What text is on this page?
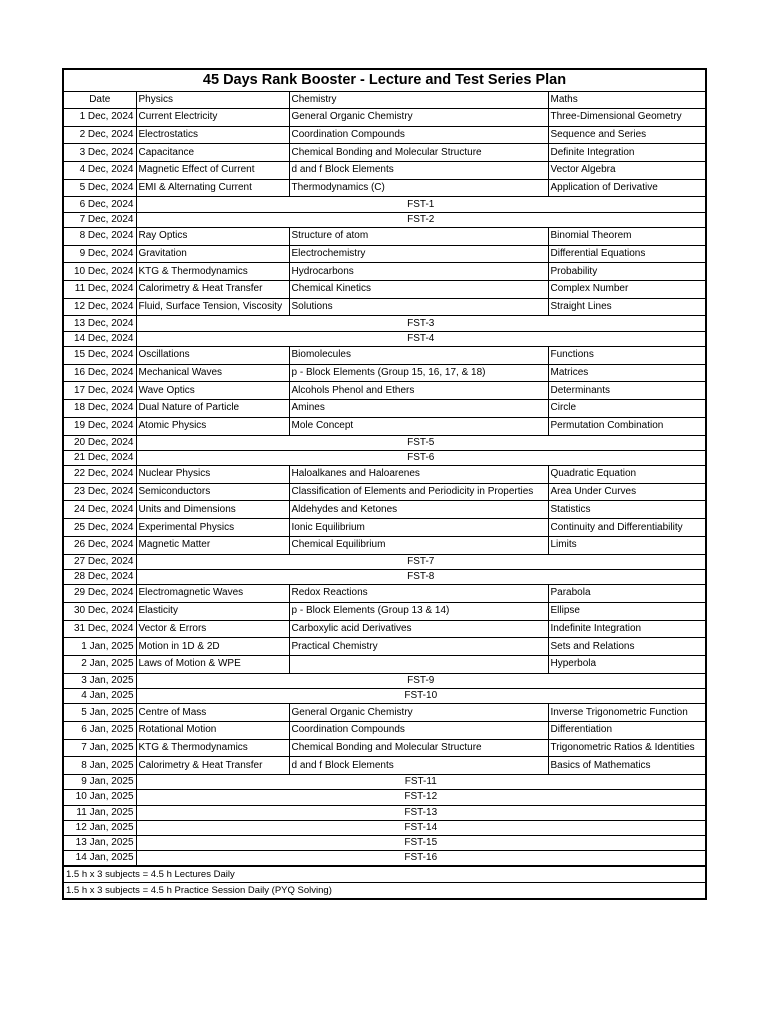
45 Days Rank Booster - Lecture and Test Series Plan			
Date	Physics	Chemistry	Maths
1 Dec, 2024	Current Electricity	General Organic Chemistry	Three-Dimensional Geometry
2 Dec, 2024	Electrostatics	Coordination Compounds	Sequence and Series
3 Dec, 2024	Capacitance	Chemical Bonding and Molecular Structure	Definite Integration
4 Dec, 2024	Magnetic Effect of Current	d and f Block Elements	Vector Algebra
5 Dec, 2024	EMI & Alternating Current	Thermodynamics (C)	Application of Derivative
6 Dec, 2024	FST-1		
7 Dec, 2024	FST-2		
8 Dec, 2024	Ray Optics	Structure of atom	Binomial Theorem
9 Dec, 2024	Gravitation	Electrochemistry	Differential Equations
10 Dec, 2024	KTG & Thermodynamics	Hydrocarbons	Probability
11 Dec, 2024	Calorimetry & Heat Transfer	Chemical Kinetics	Complex Number
12 Dec, 2024	Fluid, Surface Tension, Viscosity	Solutions	Straight Lines
13 Dec, 2024	FST-3		
14 Dec, 2024	FST-4		
15 Dec, 2024	Oscillations	Biomolecules	Functions
16 Dec, 2024	Mechanical Waves	p - Block Elements (Group 15, 16, 17, & 18)	Matrices
17 Dec, 2024	Wave Optics	Alcohols Phenol and Ethers	Determinants
18 Dec, 2024	Dual Nature of Particle	Amines	Circle
19 Dec, 2024	Atomic Physics	Mole Concept	Permutation Combination
20 Dec, 2024	FST-5		
21 Dec, 2024	FST-6		
22 Dec, 2024	Nuclear Physics	Haloalkanes and Haloarenes	Quadratic Equation
23 Dec, 2024	Semiconductors	Classification of Elements and Periodicity in Properties	Area Under Curves
24 Dec, 2024	Units and Dimensions	Aldehydes and Ketones	Statistics
25 Dec, 2024	Experimental Physics	Ionic Equilibrium	Continuity and Differentiability
26 Dec, 2024	Magnetic Matter	Chemical Equilibrium	Limits
27 Dec, 2024	FST-7		
28 Dec, 2024	FST-8		
29 Dec, 2024	Electromagnetic Waves	Redox Reactions	Parabola
30 Dec, 2024	Elasticity	p - Block Elements (Group 13 & 14)	Ellipse
31 Dec, 2024	Vector & Errors	Carboxylic acid Derivatives	Indefinite Integration
1 Jan, 2025	Motion in 1D & 2D	Practical Chemistry	Sets and Relations
2 Jan, 2025	Laws of Motion & WPE		Hyperbola
3 Jan, 2025	FST-9		
4 Jan, 2025	FST-10		
5 Jan, 2025	Centre of Mass	General Organic Chemistry	Inverse Trigonometric Function
6 Jan, 2025	Rotational Motion	Coordination Compounds	Differentiation
7 Jan, 2025	KTG & Thermodynamics	Chemical Bonding and Molecular Structure	Trigonometric Ratios & Identities
8 Jan, 2025	Calorimetry & Heat Transfer	d and f Block Elements	Basics of Mathematics
9 Jan, 2025	FST-11		
10 Jan, 2025	FST-12		
11 Jan, 2025	FST-13		
12 Jan, 2025	FST-14		
13 Jan, 2025	FST-15		
14 Jan, 2025	FST-16		
1.5 h x 3 subjects = 4.5 h Lectures Daily			
1.5 h x 3 subjects = 4.5 h Practice Session Daily (PYQ Solving)			
